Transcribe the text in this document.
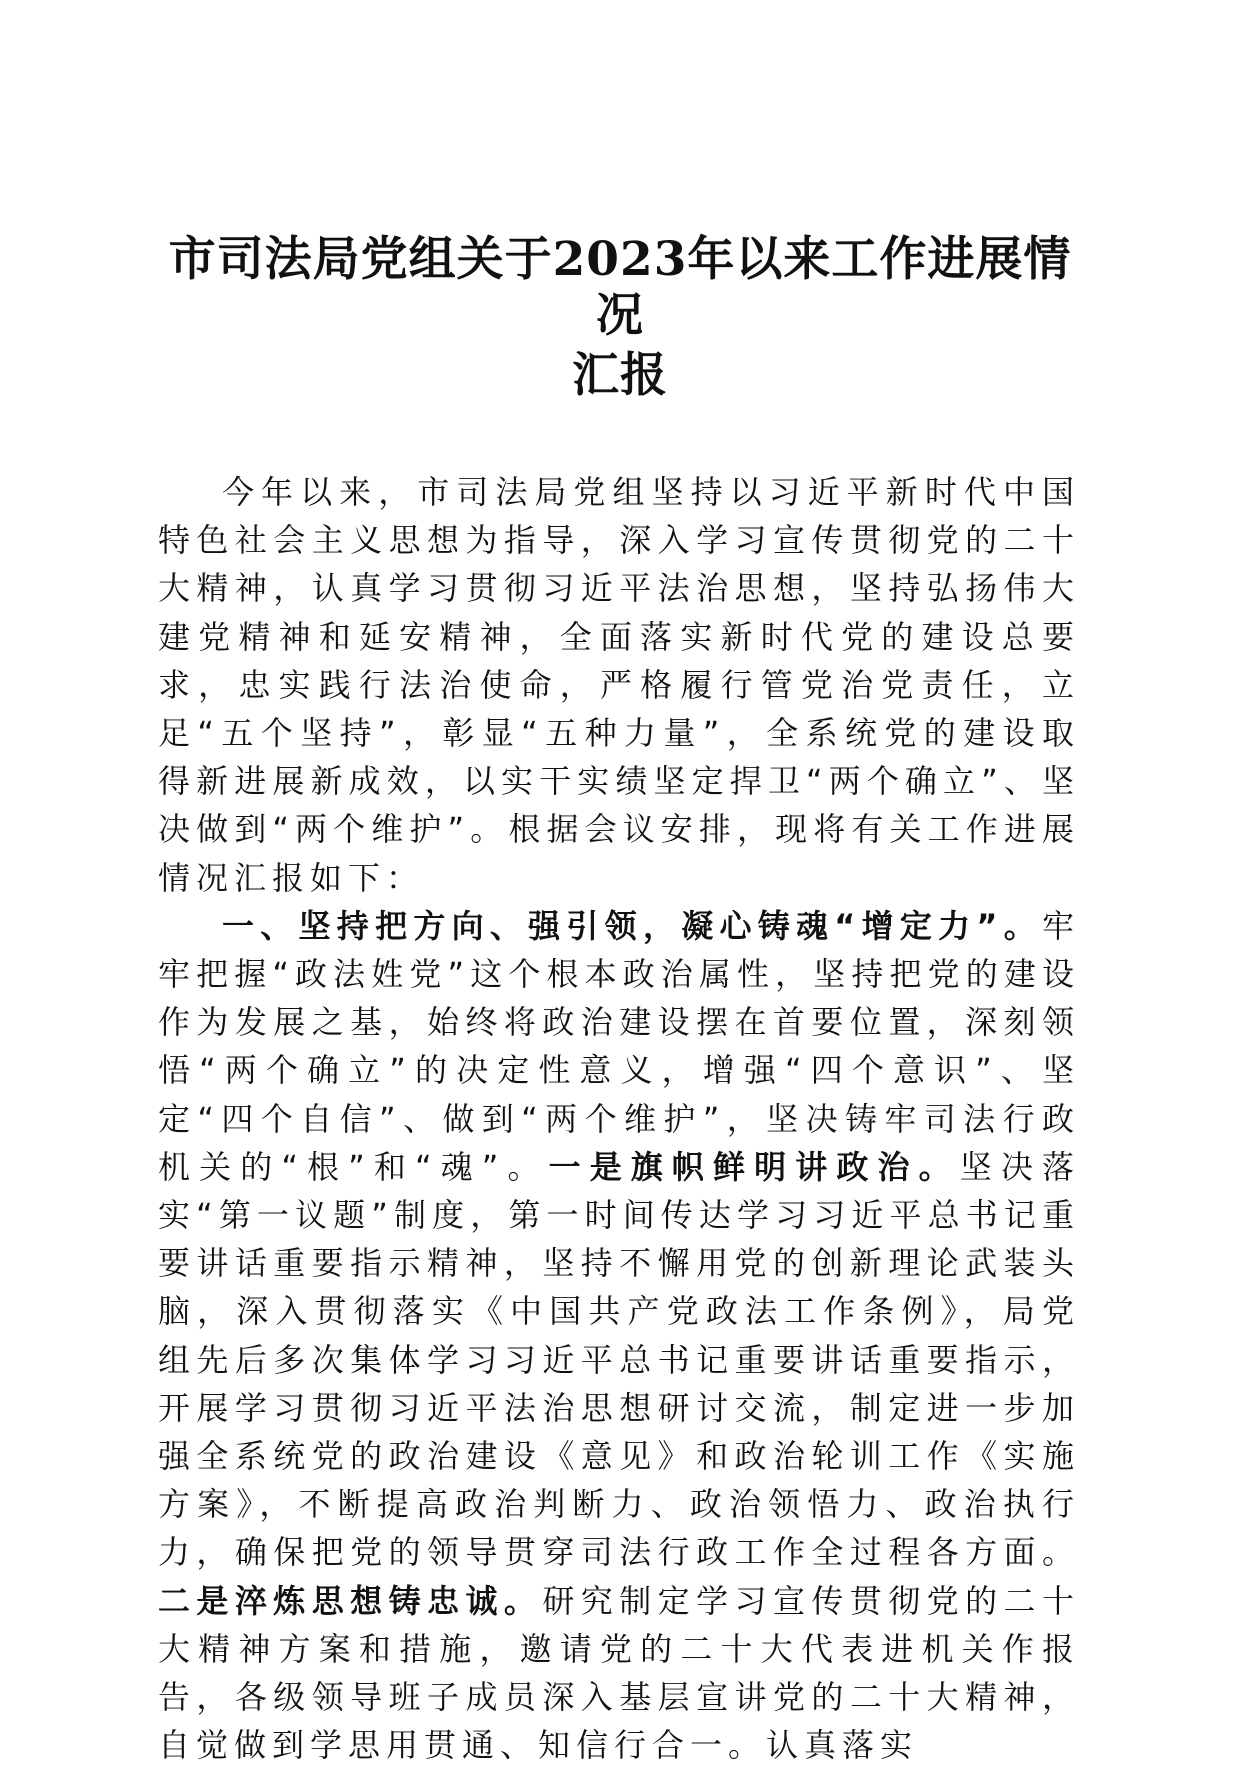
市司法局党组关于2023年以来工作进展情况
汇报

今年以来，市司法局党组坚持以习近平新时代中国特色社会主义思想为指导，深入学习宣传贯彻党的二十大精神，认真学习贯彻习近平法治思想，坚持弘扬伟大建党精神和延安精神，全面落实新时代党的建设总要求，忠实践行法治使命，严格履行管党治党责任，立足“五个坚持”，彰显“五种力量”，全系统党的建设取得新进展新成效，以实干实绩坚定捍卫“两个确立”、坚决做到“两个维护”。根据会议安排，现将有关工作进展情况汇报如下：

一、坚持把方向、强引领，凝心铸魂“增定力”。牢牢把握“政法姓党”这个根本政治属性，坚持把党的建设作为发展之基，始终将政治建设摆在首要位置，深刻领悟“两个确立”的决定性意义，增强“四个意识”、坚定“四个自信”、做到“两个维护”，坚决铸牢司法行政机关的“根”和“魂”。一是旗帜鲜明讲政治。坚决落实“第一议题”制度，第一时间传达学习习近平总书记重要讲话重要指示精神，坚持不懈用党的创新理论武装头脑，深入贯彻落实《中国共产党政法工作条例》，局党组先后多次集体学习习近平总书记重要讲话重要指示，开展学习贯彻习近平法治思想研讨交流，制定进一步加强全系统党的政治建设《意见》和政治轮训工作《实施方案》，不断提高政治判断力、政治领悟力、政治执行力，确保把党的领导贯穿司法行政工作全过程各方面。二是淬炼思想铸忠诚。研究制定学习宣传贯彻党的二十大精神方案和措施，邀请党的二十大代表进机关作报告，各级领导班子成员深入基层宣讲党的二十大精神，自觉做到学思用贯通、知信行合一。认真落实
